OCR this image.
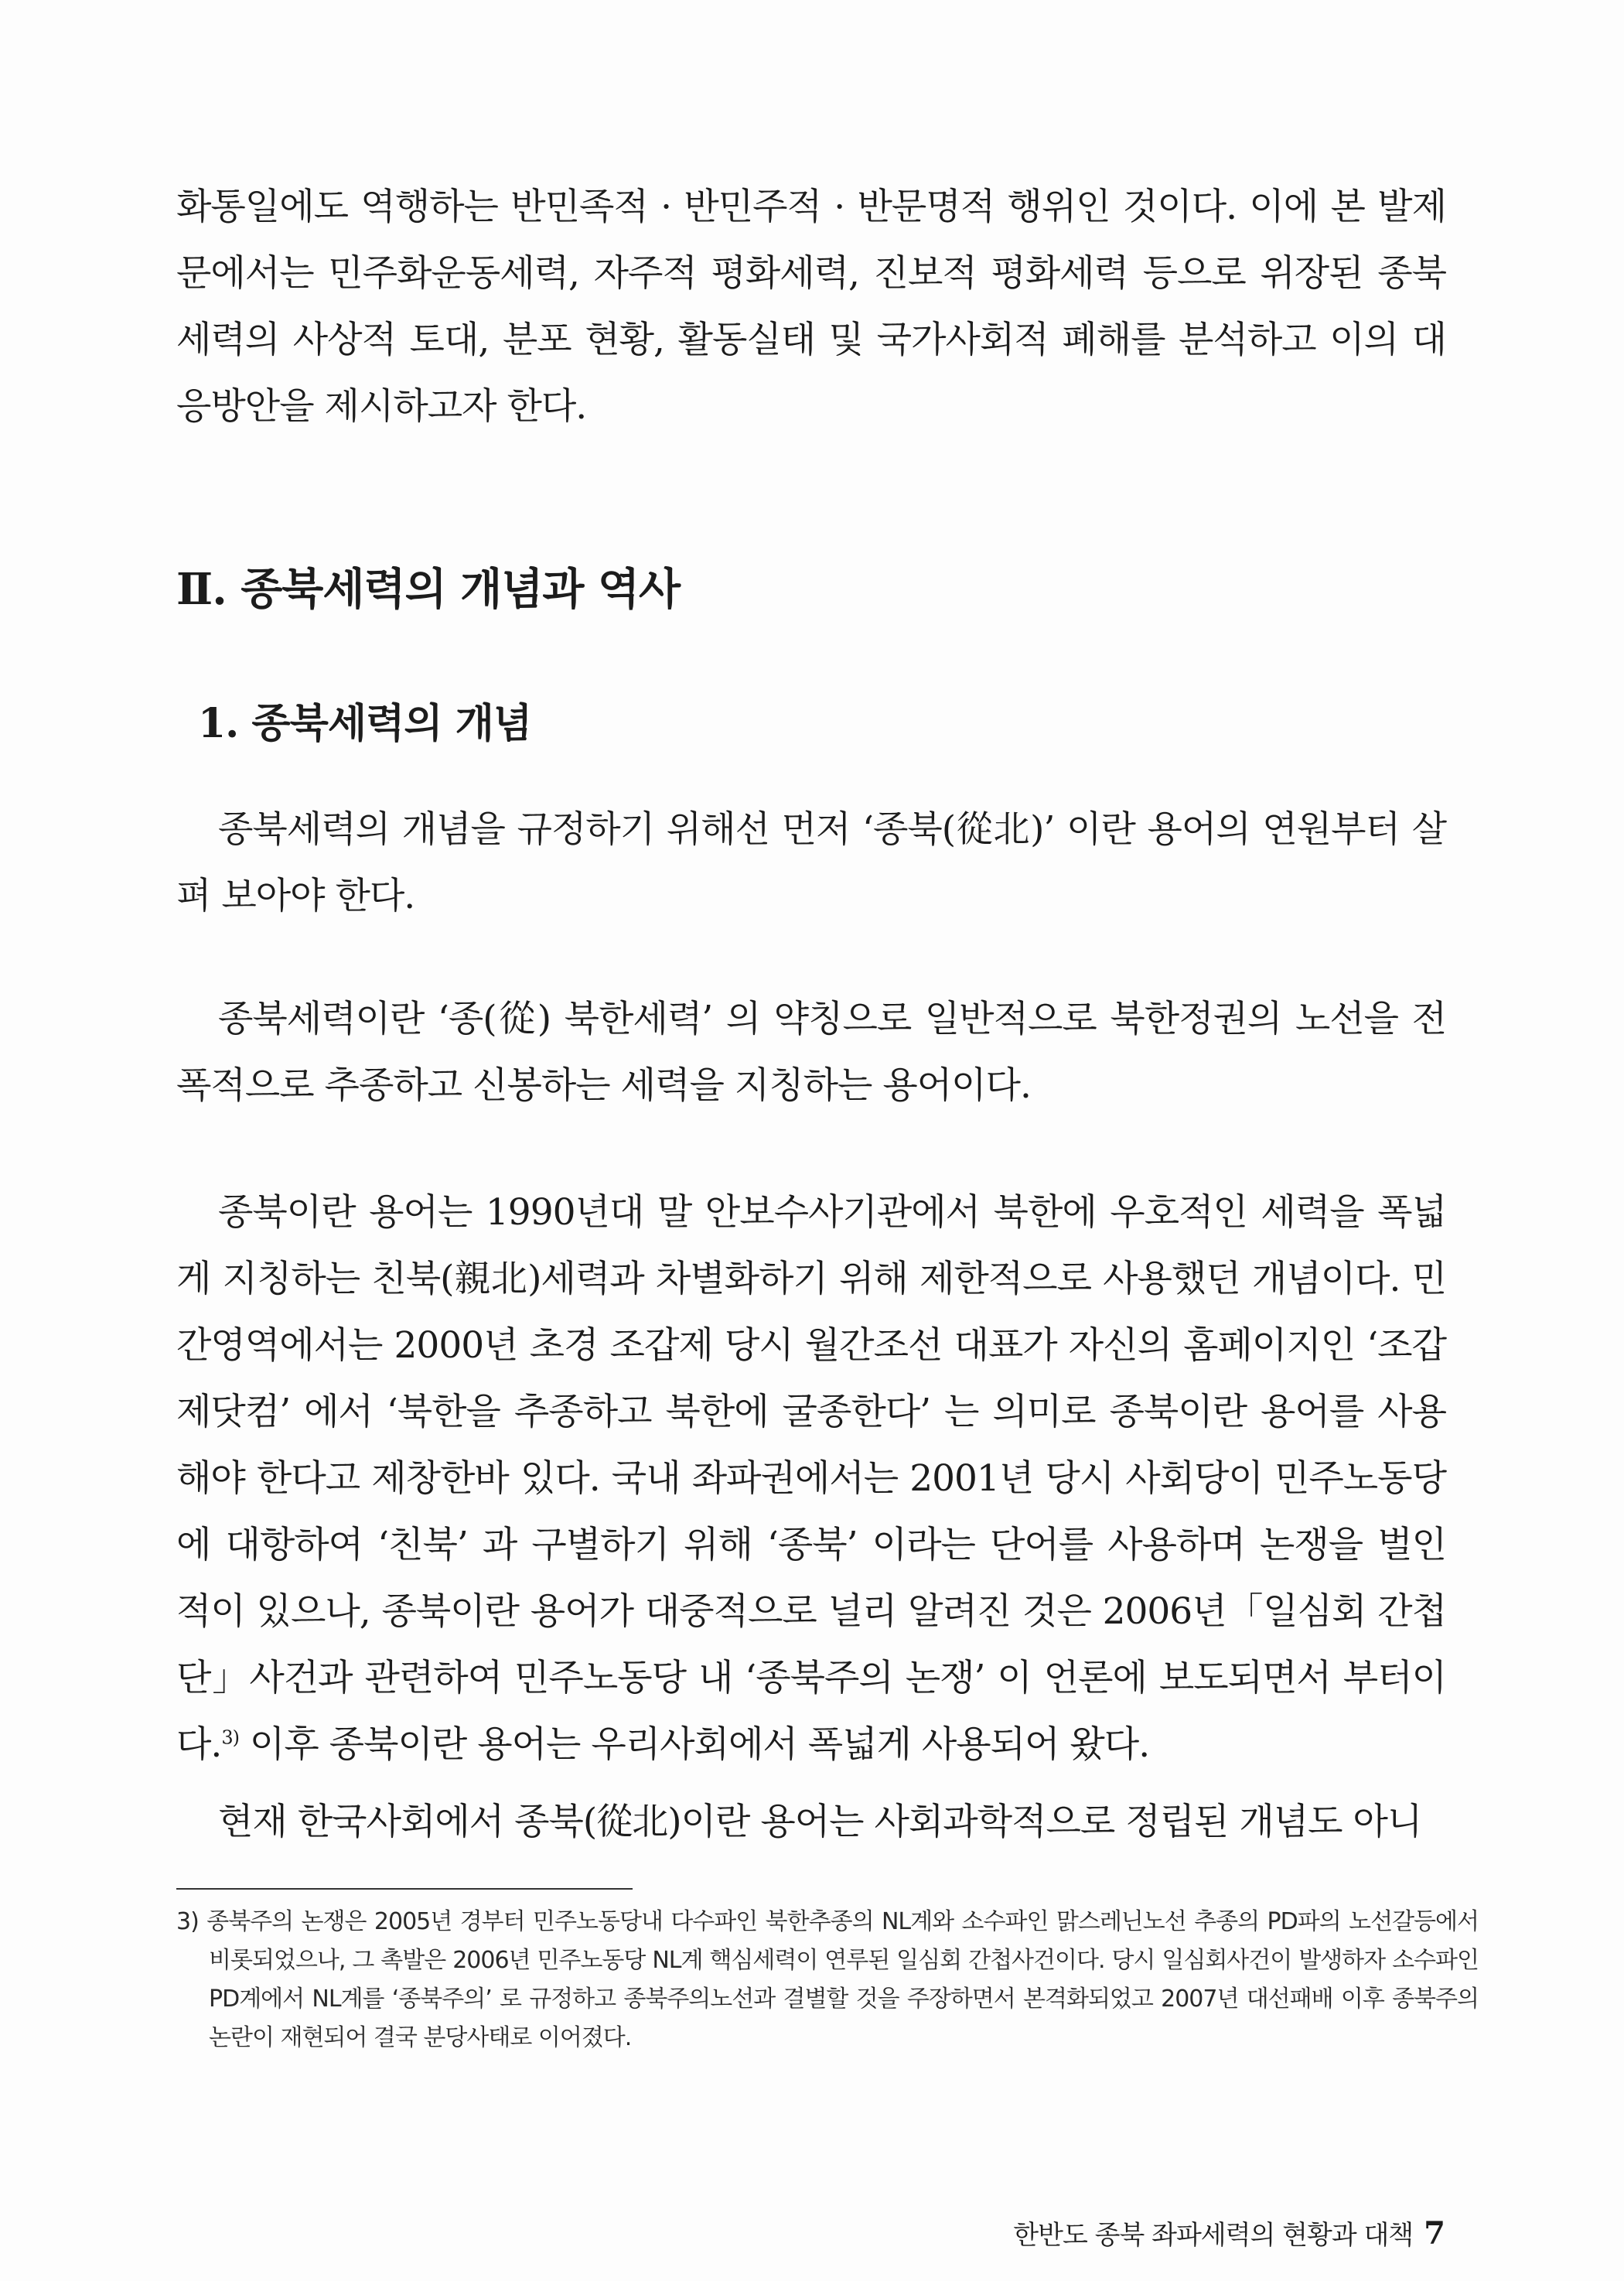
화통일에도 역행하는 반민족적 · 반민주적 · 반문명적 행위인 것이다. 이에 본 발제문에서는 민주화운동세력, 자주적 평화세력, 진보적 평화세력 등으로 위장된 종북세력의 사상적 토대, 분포 현황, 활동실태 및 국가사회적 폐해를 분석하고 이의 대응방안을 제시하고자 한다.

Ⅱ. 종북세력의 개념과 역사
1. 종북세력의 개념

종북세력의 개념을 규정하기 위해선 먼저 ‘종북(從北)’ 이란 용어의 연원부터 살펴 보아야 한다.

종북세력이란 ‘종(從) 북한세력’ 의 약칭으로 일반적으로 북한정권의 노선을 전폭적으로 추종하고 신봉하는 세력을 지칭하는 용어이다.

종북이란 용어는 1990년대 말 안보수사기관에서 북한에 우호적인 세력을 폭넓게 지칭하는 친북(親北)세력과 차별화하기 위해 제한적으로 사용했던 개념이다. 민간영역에서는 2000년 초경 조갑제 당시 월간조선 대표가 자신의 홈페이지인 ‘조갑제닷컴’ 에서 ‘북한을 추종하고 북한에 굴종한다’ 는 의미로 종북이란 용어를 사용해야 한다고 제창한바 있다. 국내 좌파권에서는 2001년 당시 사회당이 민주노동당에 대항하여 ‘친북’ 과 구별하기 위해 ‘종북’ 이라는 단어를 사용하며 논쟁을 벌인 적이 있으나, 종북이란 용어가 대중적으로 널리 알려진 것은 2006년「일심회 간첩단」사건과 관련하여 민주노동당 내 ‘종북주의 논쟁’ 이 언론에 보도되면서 부터이다.$^{3)}$ 이후 종북이란 용어는 우리사회에서 폭넓게 사용되어 왔다.

현재 한국사회에서 종북(從北)이란 용어는 사회과학적으로 정립된 개념도 아니

3) 종북주의 논쟁은 2005년 경부터 민주노동당내 다수파인 북한추종의 NL계와 소수파인 맑스레닌노선 추종의 PD파의 노선갈등에서 비롯되었으나, 그 촉발은 2006년 민주노동당 NL계 핵심세력이 연루된 일심회 간첩사건이다. 당시 일심회사건이 발생하자 소수파인 PD계에서 NL계를 ‘종북주의’ 로 규정하고 종북주의노선과 결별할 것을 주장하면서 본격화되었고 2007년 대선패배 이후 종북주의 논란이 재현되어 결국 분당사태로 이어졌다.

한반도 종북 좌파세력의 현황과 대책 7
